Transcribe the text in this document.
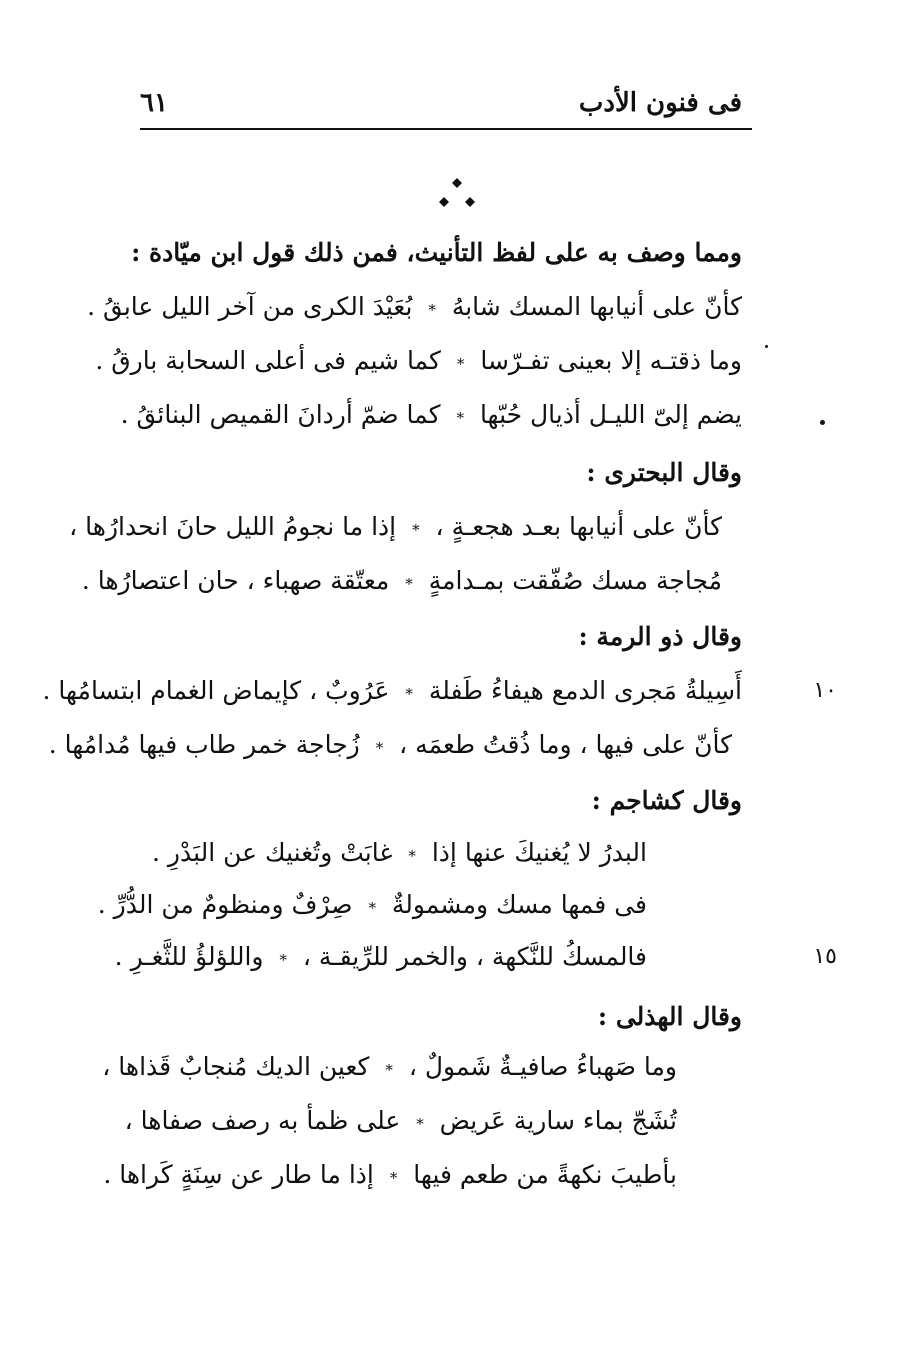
فى فنون الأدب
٦١
ومما وصف به على لفظ التأنيث، فمن ذلك قول ابن ميّادة :
كأنّ على أنيابها المسك شابهُ * بُعَيْدَ الكرى من آخر الليل عابقُ .
وما ذقتـه إلا بعينى تفـرّسا * كما شيم فى أعلى السحابة بارقُ .
يضم إلىّ الليـل أذيال حُبّها * كما ضمّ أردانَ القميص البنائقُ .
وقال البحترى :
كأنّ على أنيابها بعـد هجعـةٍ ، * إذا ما نجومُ الليل حانَ انحدارُها ،
مُجاجة مسك صُفّقت بمـدامةٍ * معتّقة صهباء ، حان اعتصارُها .
وقال ذو الرمة :
أَسِيلةُ مَجرى الدمع هيفاءُ طَفلة * عَرُوبٌ ، كإيماض الغمام ابتسامُها .	١٠
كأنّ على فيها ، وما ذُقتُ طعمَه ، * زُجاجة خمر طاب فيها مُدامُها .
وقال كشاجم :
البدرُ لا يُغنيكَ عنها إذا * غابَتْ وتُغنيك عن البَدْرِ .
فى فمها مسك ومشمولةٌ * صِرْفٌ ومنظومٌ من الدُّرِّ .
فالمسكُ للنَّكهة ، والخمر للرِّيقـة ، * واللؤلؤُ للثَّغـرِ .	١٥
وقال الهذلى :
وما صَهباءُ صافيـةٌ شَمولٌ ، * كعين الديك مُنجابٌ قَذاها ،
تُشَجّ بماء سارية عَريض * على ظمأ به رصف صفاها ،
بأطيبَ نكهةً من طعم فيها * إذا ما طار عن سِنَةٍ كَراها .
